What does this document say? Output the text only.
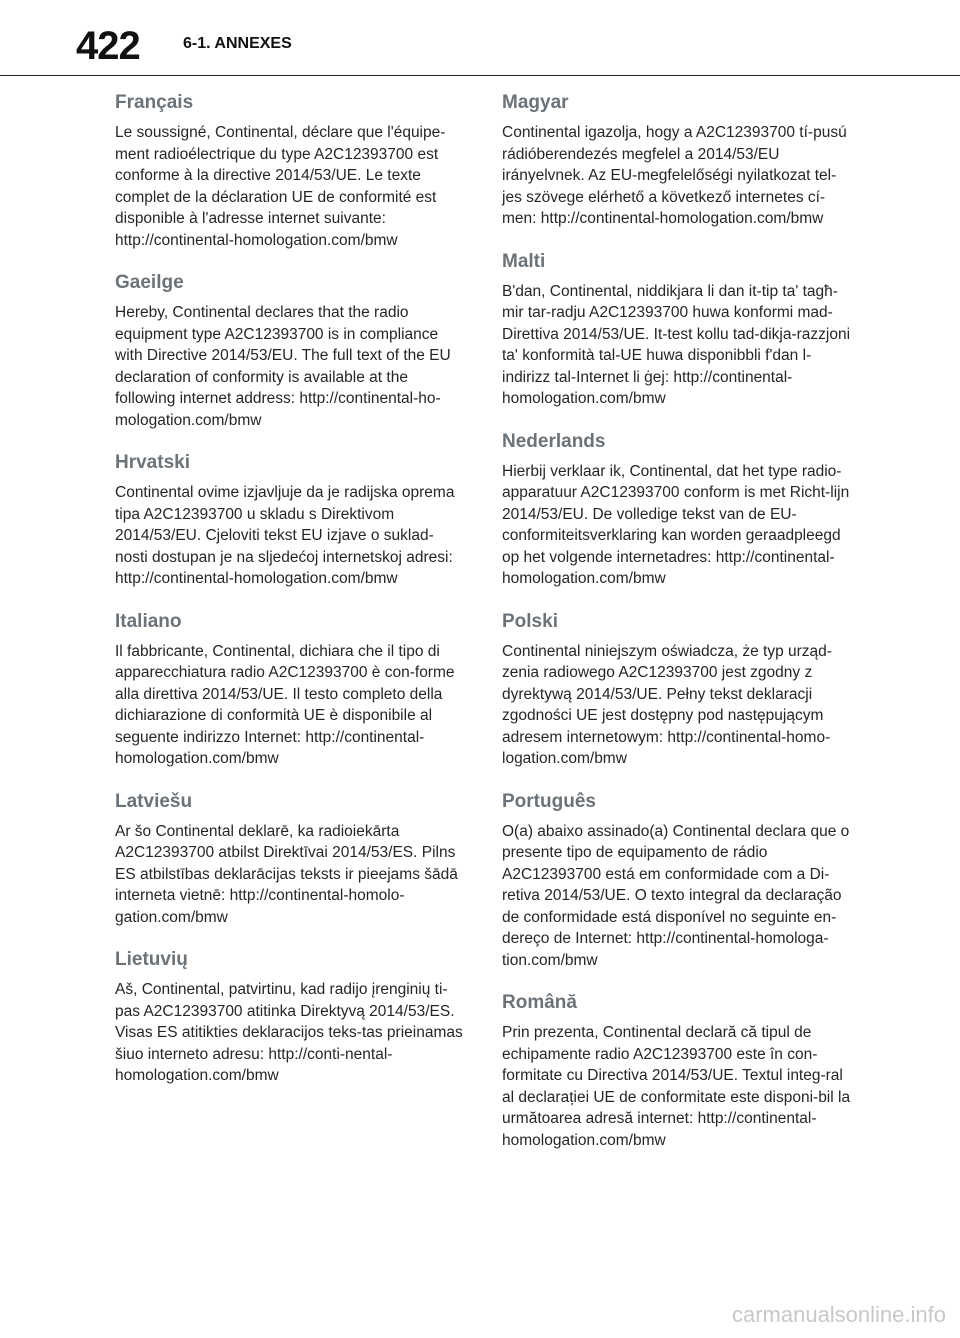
422	6-1. ANNEXES
Français

Le soussigné, Continental, déclare que l'équipe-ment radioélectrique du type A2C12393700 est conforme à la directive 2014/53/UE. Le texte complet de la déclaration UE de conformité est disponible à l'adresse internet suivante: http://continental-homologation.com/bmw

Gaeilge

Hereby, Continental declares that the radio equipment type A2C12393700 is in compliance with Directive 2014/53/EU. The full text of the EU declaration of conformity is available at the following internet address: http://continental-ho-mologation.com/bmw

Hrvatski

Continental ovime izjavljuje da je radijska oprema tipa A2C12393700 u skladu s Direktivom 2014/53/EU. Cjeloviti tekst EU izjave o suklad-nosti dostupan je na sljedećoj internetskoj adresi: http://continental-homologation.com/bmw

Italiano

Il fabbricante, Continental, dichiara che il tipo di apparecchiatura radio A2C12393700 è con-forme alla direttiva 2014/53/UE. Il testo completo della dichiarazione di conformità UE è disponibile al seguente indirizzo Internet: http://continental-homologation.com/bmw

Latviešu

Ar šo Continental deklarē, ka radioiekārta A2C12393700 atbilst Direktīvai 2014/53/ES. Pilns ES atbilstības deklarācijas teksts ir pieejams šādā interneta vietnē: http://continental-homolo-gation.com/bmw

Lietuvių

Aš, Continental, patvirtinu, kad radijo įrenginių ti-pas A2C12393700 atitinka Direktyvą 2014/53/ES. Visas ES atitikties deklaracijos teks-tas prieinamas šiuo interneto adresu: http://conti-nental-homologation.com/bmw

Magyar

Continental igazolja, hogy a A2C12393700 tí-pusú rádióberendezés megfelel a 2014/53/EU irányelvnek. Az EU-megfelelőségi nyilatkozat tel-jes szövege elérhető a következő internetes cí-men: http://continental-homologation.com/bmw

Malti

B'dan, Continental, niddikjara li dan it-tip ta' tagħ-mir tar-radju A2C12393700 huwa konformi mad-Direttiva 2014/53/UE. It-test kollu tad-dikja-razzjoni ta' konformità tal-UE huwa disponibbli f'dan l-indirizz tal-Internet li ġej: http://continental-homologation.com/bmw

Nederlands

Hierbij verklaar ik, Continental, dat het type radio-apparatuur A2C12393700 conform is met Richt-lijn 2014/53/EU. De volledige tekst van de EU-conformiteitsverklaring kan worden geraadpleegd op het volgende internetadres: http://continental-homologation.com/bmw

Polski

Continental niniejszym oświadcza, że typ urząd-zenia radiowego A2C12393700 jest zgodny z dyrektywą 2014/53/UE. Pełny tekst deklaracji zgodności UE jest dostępny pod następującym adresem internetowym: http://continental-homo-logation.com/bmw

Português

O(a) abaixo assinado(a) Continental declara que o presente tipo de equipamento de rádio A2C12393700 está em conformidade com a Di-retiva 2014/53/UE. O texto integral da declaração de conformidade está disponível no seguinte en-dereço de Internet: http://continental-homologa-tion.com/bmw

Română

Prin prezenta, Continental declară că tipul de echipamente radio A2C12393700 este în con-formitate cu Directiva 2014/53/UE. Textul integ-ral al declarației UE de conformitate este disponi-bil la următoarea adresă internet: http://continental-homologation.com/bmw

carmanualsonline.info
